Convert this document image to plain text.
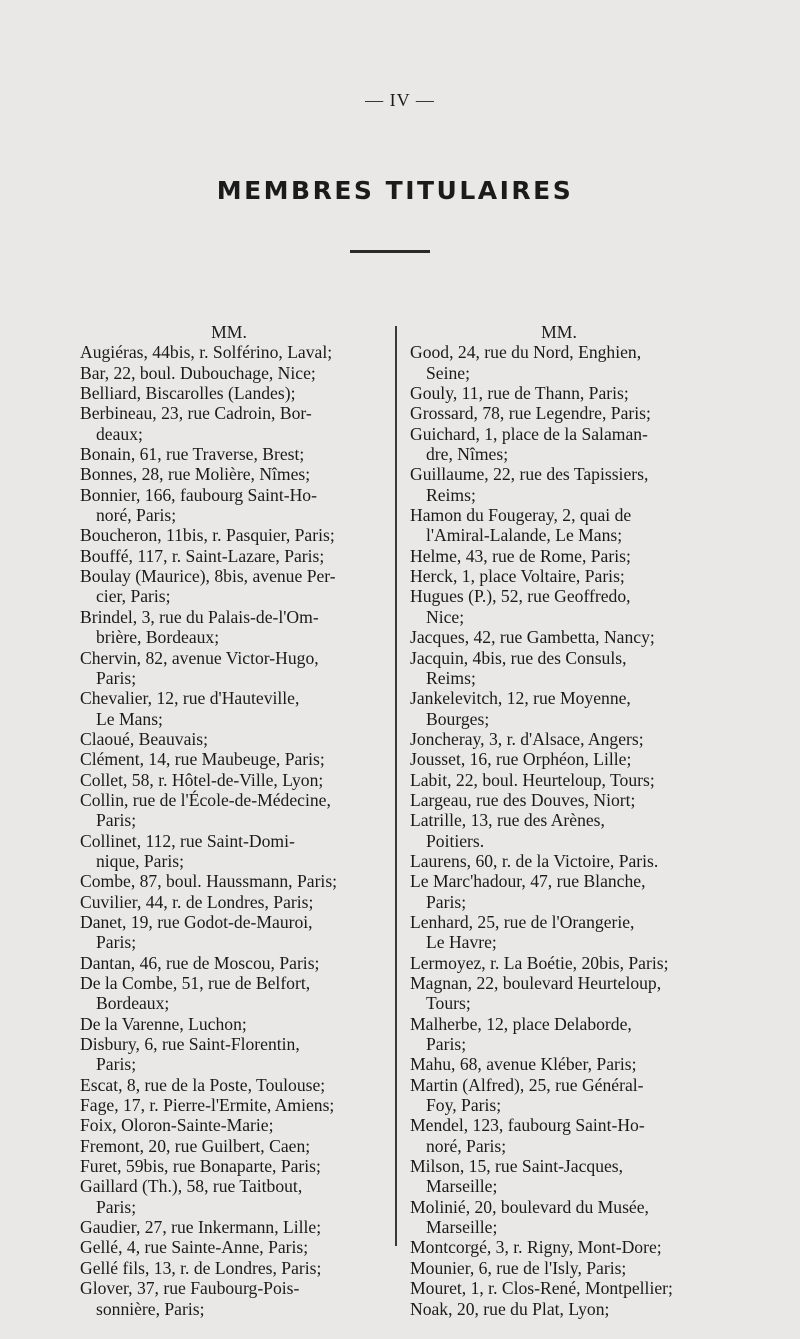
— IV —
MEMBRES TITULAIRES
MM.
Augiéras, 44bis, r. Solférino, Laval;
Bar, 22, boul. Dubouchage, Nice;
Belliard, Biscarolles (Landes);
Berbineau, 23, rue Cadroin, Bor-
deaux;
Bonain, 61, rue Traverse, Brest;
Bonnes, 28, rue Molière, Nîmes;
Bonnier, 166, faubourg Saint-Ho-
noré, Paris;
Boucheron, 11bis, r. Pasquier, Paris;
Bouffé, 117, r. Saint-Lazare, Paris;
Boulay (Maurice), 8bis, avenue Per-
cier, Paris;
Brindel, 3, rue du Palais-de-l'Om-
brière, Bordeaux;
Chervin, 82, avenue Victor-Hugo,
Paris;
Chevalier, 12, rue d'Hauteville,
Le Mans;
Claoué, Beauvais;
Clément, 14, rue Maubeuge, Paris;
Collet, 58, r. Hôtel-de-Ville, Lyon;
Collin, rue de l'École-de-Médecine,
Paris;
Collinet, 112, rue Saint-Domi-
nique, Paris;
Combe, 87, boul. Haussmann, Paris;
Cuvilier, 44, r. de Londres, Paris;
Danet, 19, rue Godot-de-Mauroi,
Paris;
Dantan, 46, rue de Moscou, Paris;
De la Combe, 51, rue de Belfort,
Bordeaux;
De la Varenne, Luchon;
Disbury, 6, rue Saint-Florentin,
Paris;
Escat, 8, rue de la Poste, Toulouse;
Fage, 17, r. Pierre-l'Ermite, Amiens;
Foix, Oloron-Sainte-Marie;
Fremont, 20, rue Guilbert, Caen;
Furet, 59bis, rue Bonaparte, Paris;
Gaillard (Th.), 58, rue Taitbout,
Paris;
Gaudier, 27, rue Inkermann, Lille;
Gellé, 4, rue Sainte-Anne, Paris;
Gellé fils, 13, r. de Londres, Paris;
Glover, 37, rue Faubourg-Pois-
sonnière, Paris;
MM.
Good, 24, rue du Nord, Enghien,
Seine;
Gouly, 11, rue de Thann, Paris;
Grossard, 78, rue Legendre, Paris;
Guichard, 1, place de la Salaman-
dre, Nîmes;
Guillaume, 22, rue des Tapissiers,
Reims;
Hamon du Fougeray, 2, quai de
l'Amiral-Lalande, Le Mans;
Helme, 43, rue de Rome, Paris;
Herck, 1, place Voltaire, Paris;
Hugues (P.), 52, rue Geoffredo,
Nice;
Jacques, 42, rue Gambetta, Nancy;
Jacquin, 4bis, rue des Consuls,
Reims;
Jankelevitch, 12, rue Moyenne,
Bourges;
Joncheray, 3, r. d'Alsace, Angers;
Jousset, 16, rue Orphéon, Lille;
Labit, 22, boul. Heurteloup, Tours;
Largeau, rue des Douves, Niort;
Latrille, 13, rue des Arènes,
Poitiers.
Laurens, 60, r. de la Victoire, Paris.
Le Marc'hadour, 47, rue Blanche,
Paris;
Lenhard, 25, rue de l'Orangerie,
Le Havre;
Lermoyez, r. La Boétie, 20bis, Paris;
Magnan, 22, boulevard Heurteloup,
Tours;
Malherbe, 12, place Delaborde,
Paris;
Mahu, 68, avenue Kléber, Paris;
Martin (Alfred), 25, rue Général-
Foy, Paris;
Mendel, 123, faubourg Saint-Ho-
noré, Paris;
Milson, 15, rue Saint-Jacques,
Marseille;
Molinié, 20, boulevard du Musée,
Marseille;
Montcorgé, 3, r. Rigny, Mont-Dore;
Mounier, 6, rue de l'Isly, Paris;
Mouret, 1, r. Clos-René, Montpellier;
Noak, 20, rue du Plat, Lyon;
